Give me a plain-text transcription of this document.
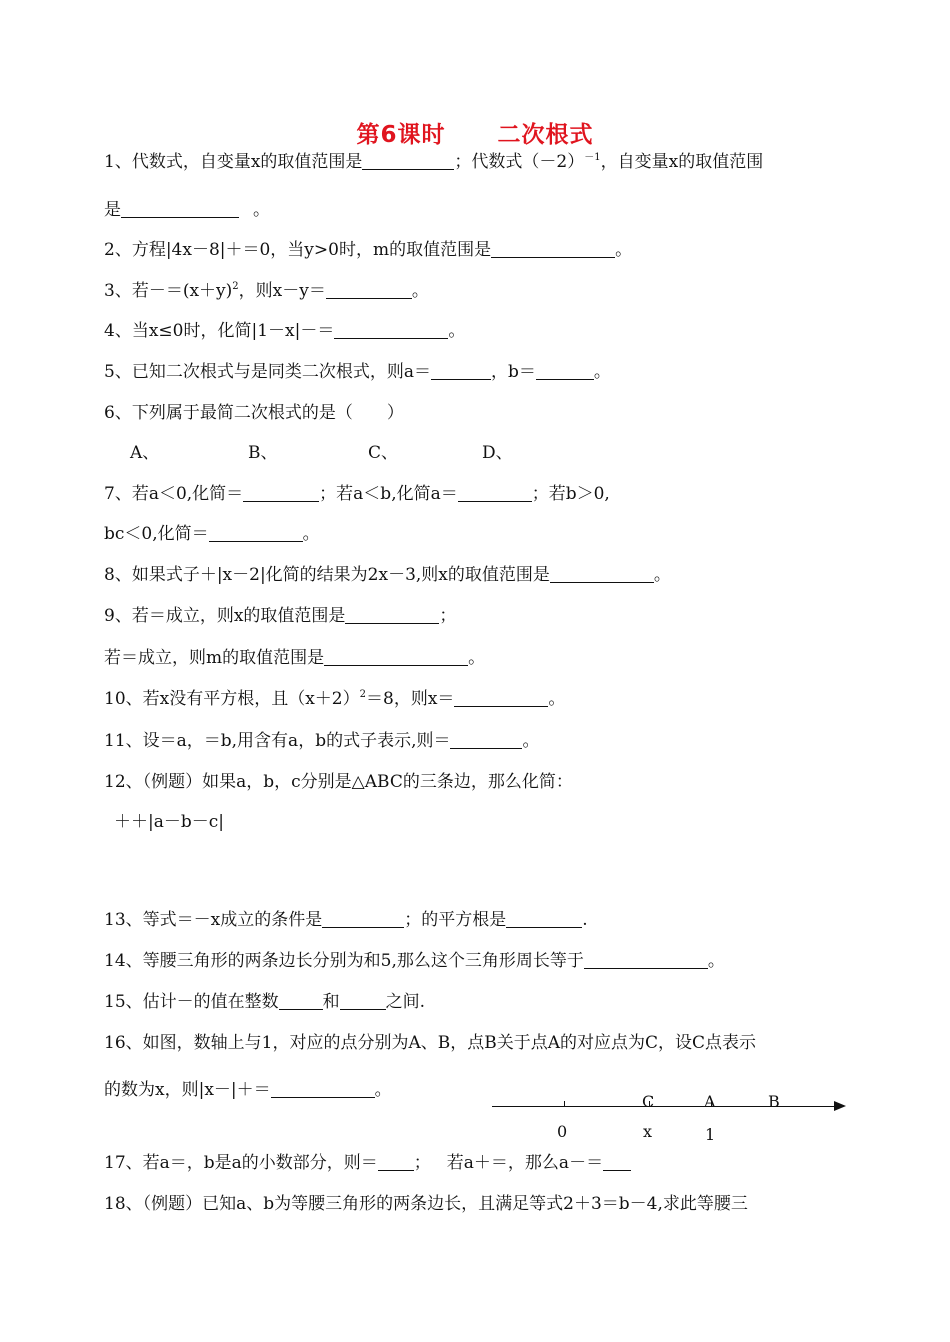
第6课时 二次根式
1、代数式，自变量x的取值范围是	；代数式$(-2)^{-1}$，自变量x的取值范围
是	。
2、方程|4x－8|＋＝0，当y>0时，m的取值范围是	。
3、若$-=(x+y)^2$，则x－y＝	。
4、当x≤0时，化简|1－x|－＝	。
5、已知二次根式与是同类二次根式，则a＝	，b＝	。
6、下列属于最简二次根式的是（　　）
A、	B、	C、	D、
7、若a＜0,化简＝	；若a＜b,化简a＝	；若b＞0,
bc＜0,化简＝	。
8、如果式子＋|x－2|化简的结果为2x－3,则x的取值范围是	。
9、若＝成立，则x的取值范围是	；
若＝成立，则m的取值范围是	。
10、若x没有平方根，且$(x+2)^2=8$，则x＝	。
11、设＝a，＝b,用含有a，b的式子表示,则＝	。
12、（例题）如果a，b，c分别是△ABC的三条边，那么化简：
＋＋|a－b－c|
13、等式＝－x成立的条件是	；的平方根是	.
14、等腰三角形的两条边长分别为和5,那么这个三角形周长等于	。
15、估计－的值在整数	和	之间.
16、如图，数轴上与1，对应的点分别为A、B，点B关于点A的对应点为C，设C点表示
的数为x，则|x－|＋＝	。
C	A	B
0	x	1
17、若a＝，b是a的小数部分，则＝ ； 若a＋＝，那么a－＝
18、（例题）已知a、b为等腰三角形的两条边长，且满足等式2＋3＝b－4,求此等腰三
